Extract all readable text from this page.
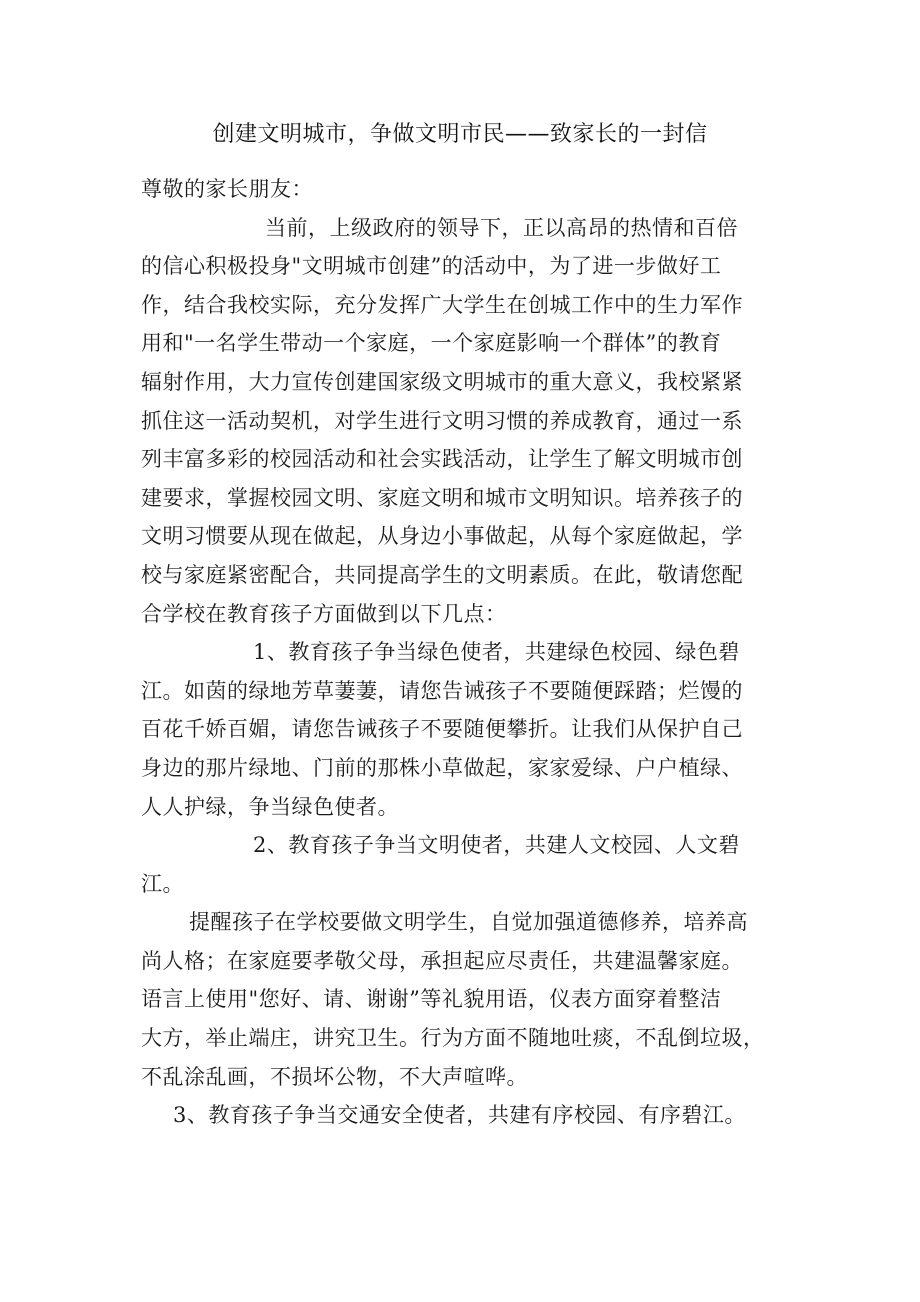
创建文明城市，争做文明市民——致家长的一封信
尊敬的家长朋友：
当前，上级政府的领导下，正以高昂的热情和百倍
的信心积极投身"文明城市创建”的活动中，为了进一步做好工
作，结合我校实际，充分发挥广大学生在创城工作中的生力军作
用和"一名学生带动一个家庭，一个家庭影响一个群体”的教育
辐射作用，大力宣传创建国家级文明城市的重大意义，我校紧紧
抓住这一活动契机，对学生进行文明习惯的养成教育，通过一系
列丰富多彩的校园活动和社会实践活动，让学生了解文明城市创
建要求，掌握校园文明、家庭文明和城市文明知识。培养孩子的
文明习惯要从现在做起，从身边小事做起，从每个家庭做起，学
校与家庭紧密配合，共同提高学生的文明素质。在此，敬请您配
合学校在教育孩子方面做到以下几点：
1、教育孩子争当绿色使者，共建绿色校园、绿色碧
江。如茵的绿地芳草萋萋，请您告诫孩子不要随便踩踏；烂馒的
百花千娇百媚，请您告诫孩子不要随便攀折。让我们从保护自己
身边的那片绿地、门前的那株小草做起，家家爱绿、户户植绿、
人人护绿，争当绿色使者。
2、教育孩子争当文明使者，共建人文校园、人文碧
江。
提醒孩子在学校要做文明学生，自觉加强道德修养，培养高
尚人格；在家庭要孝敬父母，承担起应尽责任，共建温馨家庭。
语言上使用"您好、请、谢谢”等礼貌用语，仪表方面穿着整洁
大方，举止端庄，讲究卫生。行为方面不随地吐痰，不乱倒垃圾，
不乱涂乱画，不损坏公物，不大声喧哗。
3、教育孩子争当交通安全使者，共建有序校园、有序碧江。
